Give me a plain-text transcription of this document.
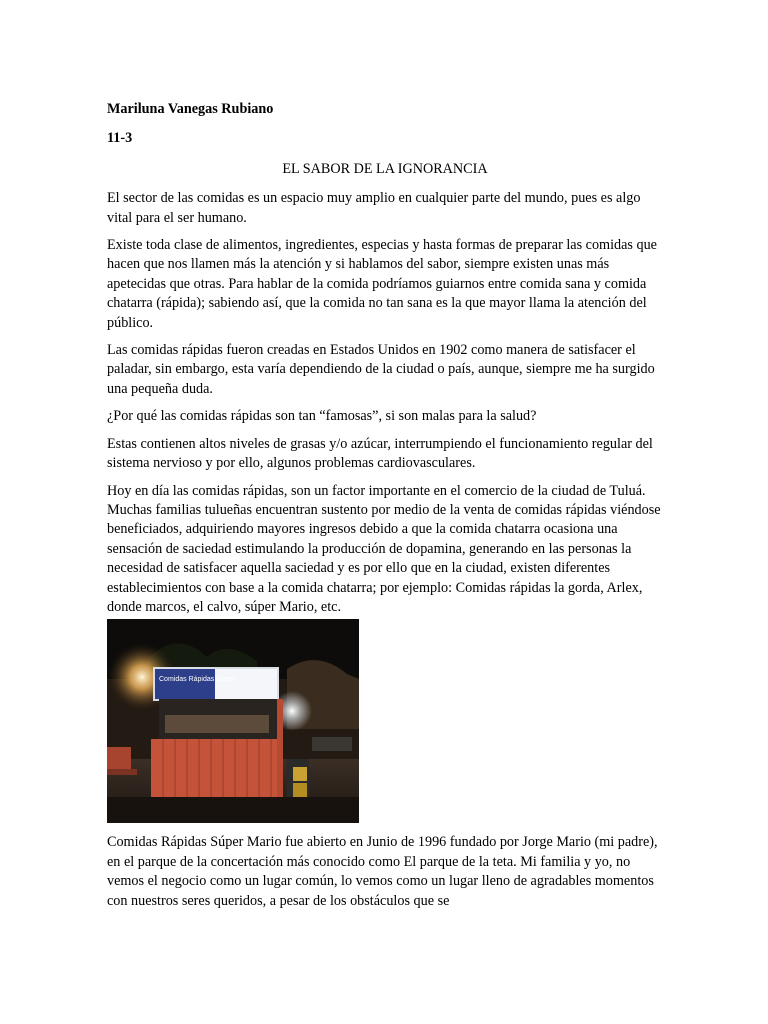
Mariluna Vanegas Rubiano
11-3
EL SABOR DE LA IGNORANCIA
El sector de las comidas es un espacio muy amplio en cualquier parte del mundo, pues es algo vital para el ser humano.
Existe toda clase de alimentos, ingredientes, especias y hasta formas de preparar las comidas que hacen que nos llamen más la atención y si hablamos del sabor, siempre existen unas más apetecidas que otras. Para hablar de la comida podríamos guiarnos entre comida sana y comida chatarra (rápida); sabiendo así, que la comida no tan sana es la que mayor llama la atención del público.
Las comidas rápidas fueron creadas en Estados Unidos en 1902 como manera de satisfacer el paladar, sin embargo, esta varía dependiendo de la ciudad o país, aunque, siempre me ha surgido una pequeña duda.
¿Por qué las comidas rápidas son tan “famosas”, si son malas para la salud?
Estas contienen altos niveles de grasas y/o azúcar, interrumpiendo el funcionamiento regular del sistema nervioso y por ello, algunos problemas cardiovasculares.
Hoy en día las comidas rápidas, son un factor importante en el comercio de la ciudad de Tuluá. Muchas familias tulueñas encuentran sustento por medio de la venta de comidas rápidas viéndose beneficiados, adquiriendo mayores ingresos debido a que la comida chatarra ocasiona una sensación de saciedad estimulando la producción de dopamina, generando en las personas la necesidad de satisfacer aquella saciedad y es por ello que en la ciudad, existen diferentes establecimientos con base a la comida chatarra; por ejemplo: Comidas rápidas la gorda, Arlex, donde marcos, el calvo, súper Mario, etc.
Comidas Rápidas Súper
Comidas Rápidas Súper Mario fue abierto en Junio de 1996 fundado por Jorge Mario (mi padre), en el parque de la concertación más conocido como El parque de la teta. Mi familia y yo, no vemos el negocio como un lugar común, lo vemos como un lugar lleno de agradables momentos con nuestros seres queridos, a pesar de los obstáculos que se
